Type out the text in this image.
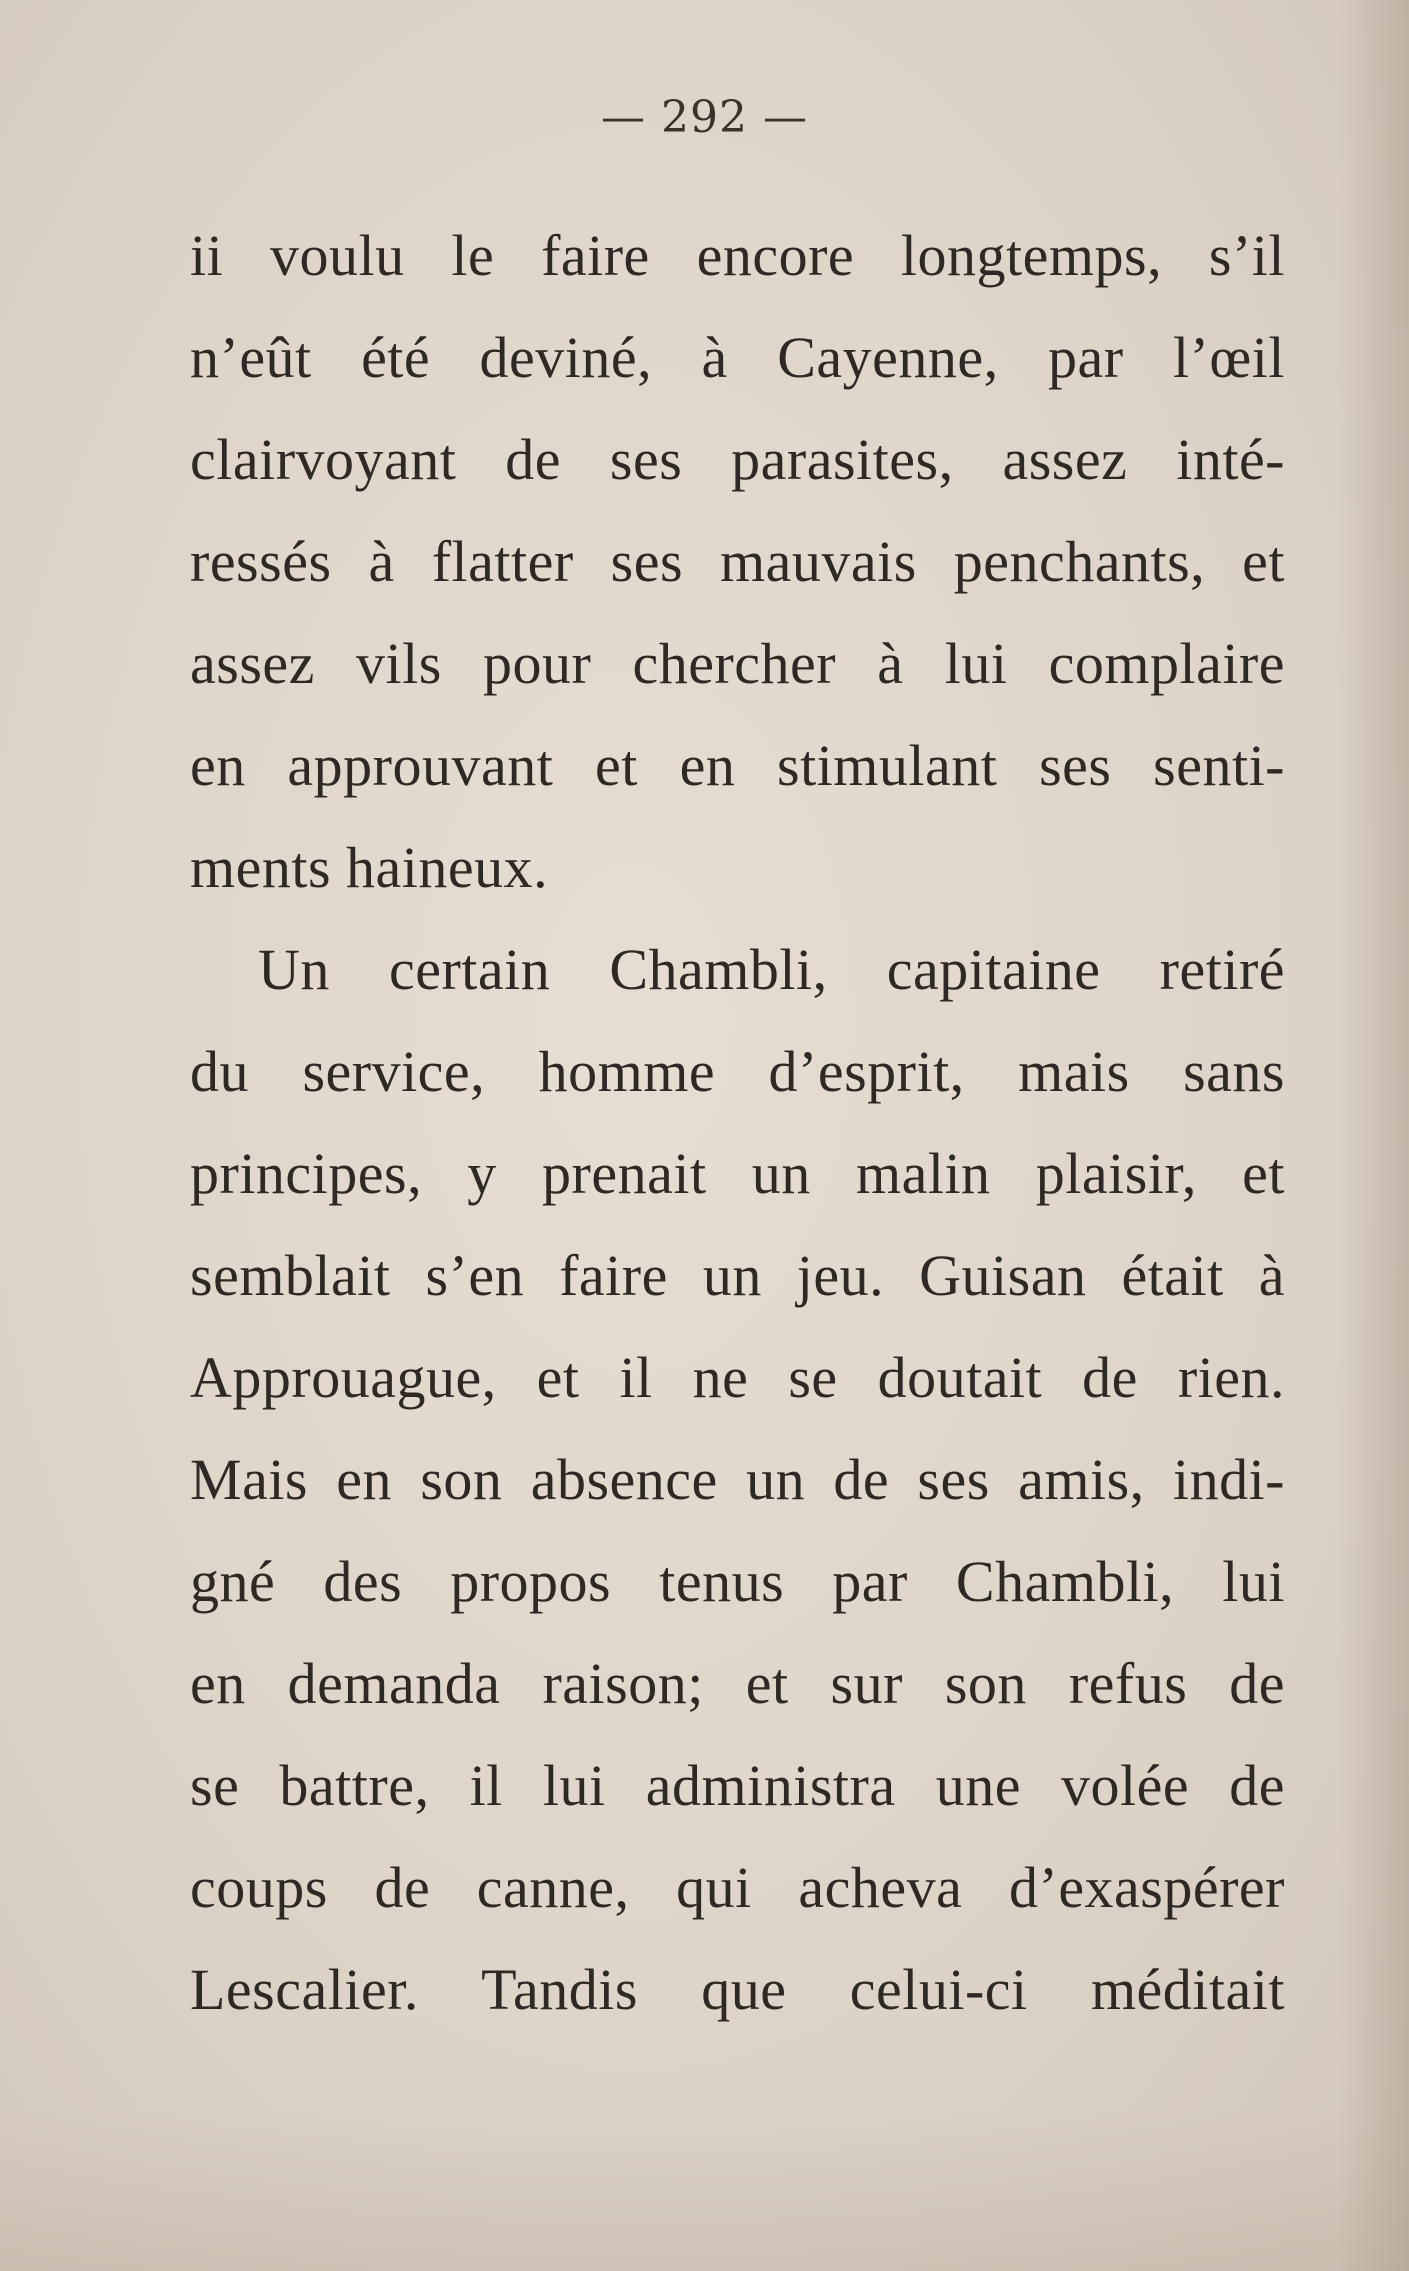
— 292 —
ii voulu le faire encore longtemps, s’il
n’eût été deviné, à Cayenne, par l’œil
clairvoyant de ses parasites, assez inté-
ressés à flatter ses mauvais penchants, et
assez vils pour chercher à lui complaire
en approuvant et en stimulant ses senti-
ments haineux.
Un certain Chambli, capitaine retiré
du service, homme d’esprit, mais sans
principes, y prenait un malin plaisir, et
semblait s’en faire un jeu. Guisan était à
Approuague, et il ne se doutait de rien.
Mais en son absence un de ses amis, indi-
gné des propos tenus par Chambli, lui
en demanda raison; et sur son refus de
se battre, il lui administra une volée de
coups de canne, qui acheva d’exaspérer
Lescalier. Tandis que celui-ci méditait
